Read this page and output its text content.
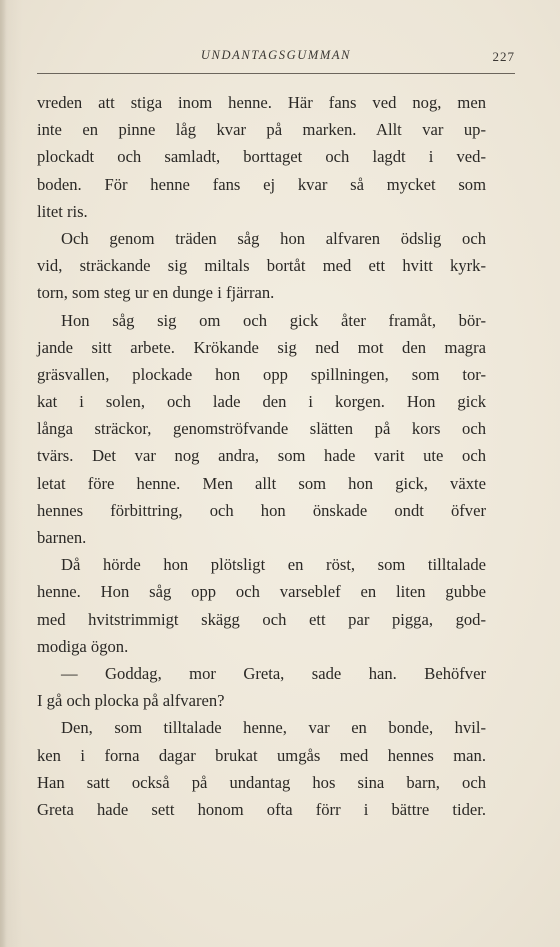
UNDANTAGSGUMMAN	227
vreden att stiga inom henne. Här fans ved nog, men
inte en pinne låg kvar på marken. Allt var up-
plockadt och samladt, borttaget och lagdt i ved-
boden. För henne fans ej kvar så mycket som
litet ris.
Och genom träden såg hon alfvaren ödslig och
vid, sträckande sig miltals bortåt med ett hvitt kyrk-
torn, som steg ur en dunge i fjärran.
Hon såg sig om och gick åter framåt, bör-
jande sitt arbete. Krökande sig ned mot den magra
gräsvallen, plockade hon opp spillningen, som tor-
kat i solen, och lade den i korgen. Hon gick
långa sträckor, genomströfvande slätten på kors och
tvärs. Det var nog andra, som hade varit ute och
letat före henne. Men allt som hon gick, växte
hennes förbittring, och hon önskade ondt öfver
barnen.
Då hörde hon plötsligt en röst, som tilltalade
henne. Hon såg opp och varseblef en liten gubbe
med hvitstrimmigt skägg och ett par pigga, god-
modiga ögon.
— Goddag, mor Greta, sade han. Behöfver
I gå och plocka på alfvaren?
Den, som tilltalade henne, var en bonde, hvil-
ken i forna dagar brukat umgås med hennes man.
Han satt också på undantag hos sina barn, och
Greta hade sett honom ofta förr i bättre tider.
